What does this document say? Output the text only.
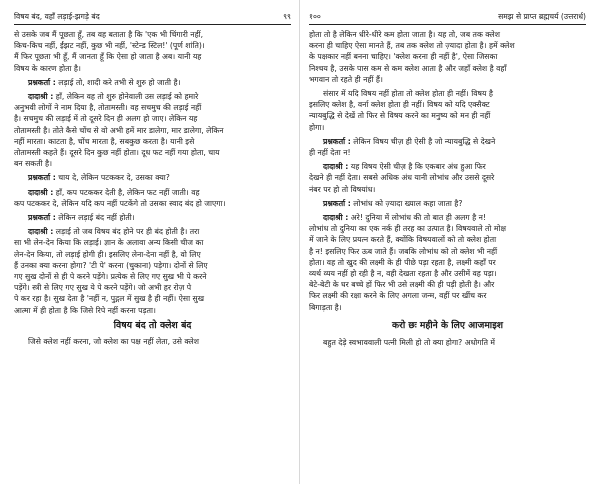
विषय बंद, वहाँ लड़ाई-झगड़े बंद	९९
से उसके जब मैं पूछता हूँ, तब वह बताता है कि 'एक भी चिंगारी नहीं,
किच-किच नहीं, ईंझट नहीं, कुछ भी नहीं, 'स्टेन्ड स्टिल!' (पूर्ण शांति)।
मैं फिर पूछता भी हूँ, मैं जानता हूँ कि ऐसा हो जाता है अब। यानी यह
विषय के कारण होता है।
प्रश्नकर्ता : लड़ाई तो, शादी करे तभी से शुरु हो जाती है।
दादाश्री : हाँ, लेकिन वह तो शुरु होनेवाली उस लड़ाई को हमारे
अनुभवी लोगों ने नाम दिया है, तोतामस्ती। वह सचमुच की लड़ाई नहीं
है। सचमुच की लड़ाई में तो दूसरे दिन ही अलग हो जाए। लेकिन यह
तोतामस्ती है। तोते कैसे चोंच से वो अभी हमें मार डालेगा, मार डालेगा, लेकिन
नहीं मारता। काटता है, चोंच मारता है, सबकुछ करता है। यानी इसे
तोतामस्ती कहते हैं। दूसरे दिन कुछ नहीं होता। दूध फट नहीं गया होता, चाय
बन सकती है।
प्रश्नकर्ता : चाय दे, लेकिन पटककर दे, उसका क्या?
दादाश्री : हाँ, कप पटककर देती है, लेकिन फट नहीं जाती। वह
कप पटककर दे, लेकिन यदि कप नहीं पटकेंगे तो उसका स्वाद बंद हो जाएगा।
प्रश्नकर्ता : लेकिन लड़ाई बंद नहीं होती।
दादाश्री : लड़ाई तो जब विषय बंद होने पर ही बंद होती है। तरा
सा भी लेन-देन किया कि लड़ाई। ज्ञान के अलावा अन्य किसी चीज का
लेन-देन किया, तो लड़ाई होगी ही। इसलिए लेना-देना नहीं है, वो लिए
हैं उनका क्या करना होगा? 'टी पे' करना (चुकाना) पड़ेगा। दोनों से लिए
गए सुख दोनों से ही पे करने पड़ेंगे। प्रत्येक से लिए गए सुख भी पे करने
पड़ेंगे। स्त्री से लिए गए सुख ये पे करने पड़ेंगे। जो अभी हर रोज़ पे
पे कर रहा है। सुख देता है 'नहीं न, पुद्गल में सुख है ही नहीं। ऐसा सुख
आत्मा में ही होता है कि जिसे रिपे नहीं करना पड़ता।
विषय बंद तो क्लेश बंद
जिसे क्लेश नहीं करना, जो क्लेश का पक्ष नहीं लेता, उसे क्लेश
१००	समझ से प्राप्त ब्रह्मचर्य (उत्तरार्ध)
होता तो है लेकिन धीरे-धीरे कम होता जाता है। यह तो, जब तक क्लेश
करना ही चाहिए ऐसा मानते हैं, तब तक क्लेश तो ज़्यादा होता है। हमें क्लेश
के पक्षकार नहीं बनना चाहिए। 'क्लेश करना ही नहीं है', ऐसा जिसका
निश्चय है, उसके पास कम से कम क्लेश आता है और जहाँ क्लेश है वहाँ
भगवान तो रहते ही नहीं हैं।
संसार में यदि विषय नहीं होता तो क्लेश होता ही नहीं। विषय है
इसलिए क्लेश है, वर्ना क्लेश होता ही नहीं। विषय को यदि एक्सैक्ट
न्यायबुद्धि से देखें तो फिर से विषय करने का मनुष्य को मन ही नहीं
होगा।
प्रश्नकर्ता : लेकिन विषय चीज़ ही ऐसी है जो न्यायबुद्धि से देखने
ही नहीं देता न!
दादाश्री : यह विषय ऐसी चीज़ है कि एकबार अंध हुआ फिर
देखने ही नहीं देता। सबसे अधिक अंध यानी लोभांध और उससे दूसरे
नंबर पर हो तो विषयांध।
प्रश्नकर्ता : लोभांध को ज़्यादा ख्याल कहा जाता है?
दादाश्री : अरे! दुनिया में लोभांध की तो बात ही अलग है न!
लोभांध तो दुनिया का एक नर्क ही तरह का उत्पात है। विषयवाले तो मोक्ष
में जाने के लिए प्रयत्न करते हैं, क्योंकि विषयवालों को तो क्लेश होता
है न! इसलिए फिर ऊब जाते हैं। जबकि लोभांध को तो क्लेश भी नहीं
होता। वह तो खुद की लक्ष्मी के ही पीछे पड़ा रहता है, लक्ष्मी कहाँ पर
व्यर्थ व्यय नहीं हो रही है न, वही देखता रहता है और उसीमें वह पड़ा।
बेटे-बेटी के घर बच्चे हों फिर भी उसे लक्ष्मी की ही पड़ी होती है। और
फिर लक्ष्मी की रक्षा करने के लिए अगला जन्म, वहीं पर खींच कर
बिगाड़ता है।
करो छः महीने के लिए आजमाइश
बहुत देड़े स्वभाववाली पत्नी मिली हो तो क्या होगा? अधोगति में
